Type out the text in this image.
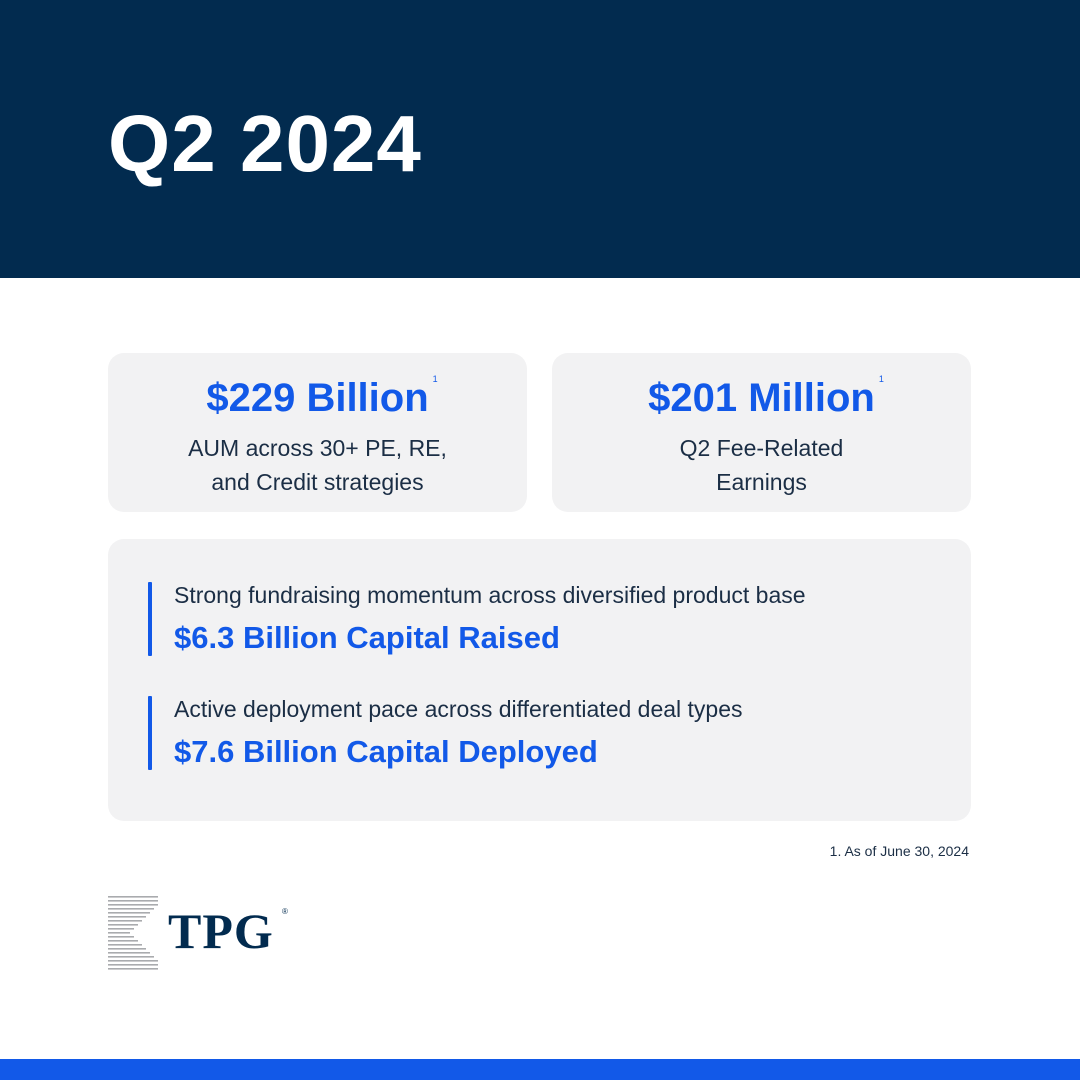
Q2 2024
$229 Billion 1
AUM across 30+ PE, RE,
and Credit strategies
$201 Million 1
Q2 Fee-Related
Earnings

Strong fundraising momentum across diversified product base

$6.3 Billion Capital Raised

Active deployment pace across differentiated deal types

$7.6 Billion Capital Deployed

1. As of June 30, 2024
TPG ®
